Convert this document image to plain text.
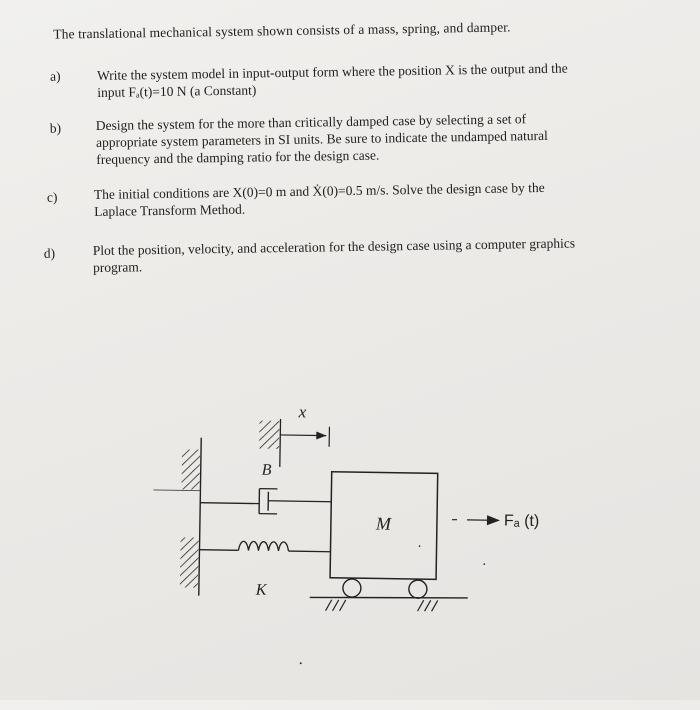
The translational mechanical system shown consists of a mass, spring, and damper.
a)	Write the system model in input-output form where the position X is the output and the
input Fₐ(t)=10 N (a Constant)
b)	Design the system for the more than critically damped case by selecting a set of
appropriate system parameters in SI units. Be sure to indicate the undamped natural
frequency and the damping ratio for the design case.
c)	The initial conditions are X(0)=0 m and Ẋ(0)=0.5 m/s. Solve the design case by the
Laplace Transform Method.
d)	Plot the position, velocity, and acceleration for the design case using a computer graphics
program.
x
B
K
M	Fₐ (t)
